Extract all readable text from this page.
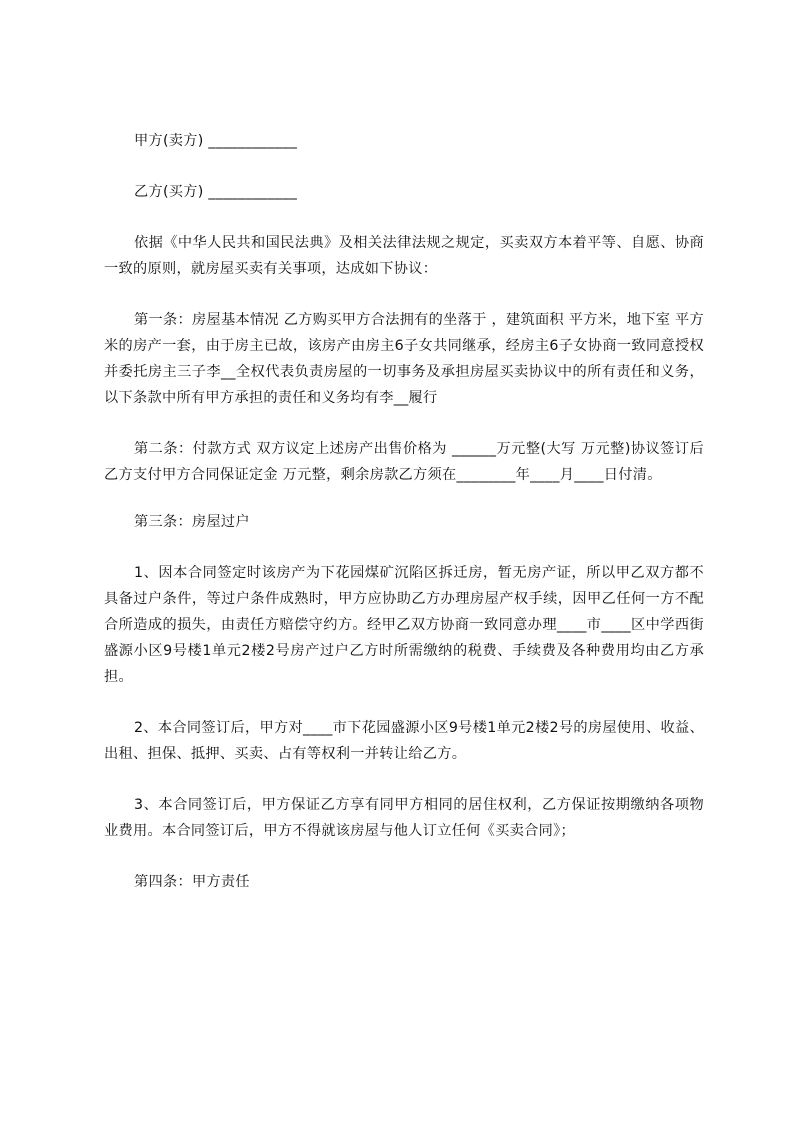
甲方(卖方) ____________

乙方(买方) ____________

依据《中华人民共和国民法典》及相关法律法规之规定，买卖双方本着平等、自愿、协商一致的原则，就房屋买卖有关事项，达成如下协议：

第一条：房屋基本情况 乙方购买甲方合法拥有的坐落于 ，建筑面积 平方米，地下室 平方米的房产一套，由于房主已故，该房产由房主6子女共同继承，经房主6子女协商一致同意授权并委托房主三子李__全权代表负责房屋的一切事务及承担房屋买卖协议中的所有责任和义务，以下条款中所有甲方承担的责任和义务均有李__履行

第二条：付款方式 双方议定上述房产出售价格为 ______万元整(大写 万元整)协议签订后乙方支付甲方合同保证定金 万元整，剩余房款乙方须在________年____月____日付清。

第三条：房屋过户

1、因本合同签定时该房产为下花园煤矿沉陷区拆迁房，暂无房产证，所以甲乙双方都不具备过户条件，等过户条件成熟时，甲方应协助乙方办理房屋产权手续，因甲乙任何一方不配合所造成的损失，由责任方赔偿守约方。经甲乙双方协商一致同意办理____市____区中学西街盛源小区9号楼1单元2楼2号房产过户乙方时所需缴纳的税费、手续费及各种费用均由乙方承担。

2、本合同签订后，甲方对____市下花园盛源小区9号楼1单元2楼2号的房屋使用、收益、出租、担保、抵押、买卖、占有等权利一并转让给乙方。

3、本合同签订后，甲方保证乙方享有同甲方相同的居住权利，乙方保证按期缴纳各项物业费用。本合同签订后，甲方不得就该房屋与他人订立任何《买卖合同》；

第四条：甲方责任
